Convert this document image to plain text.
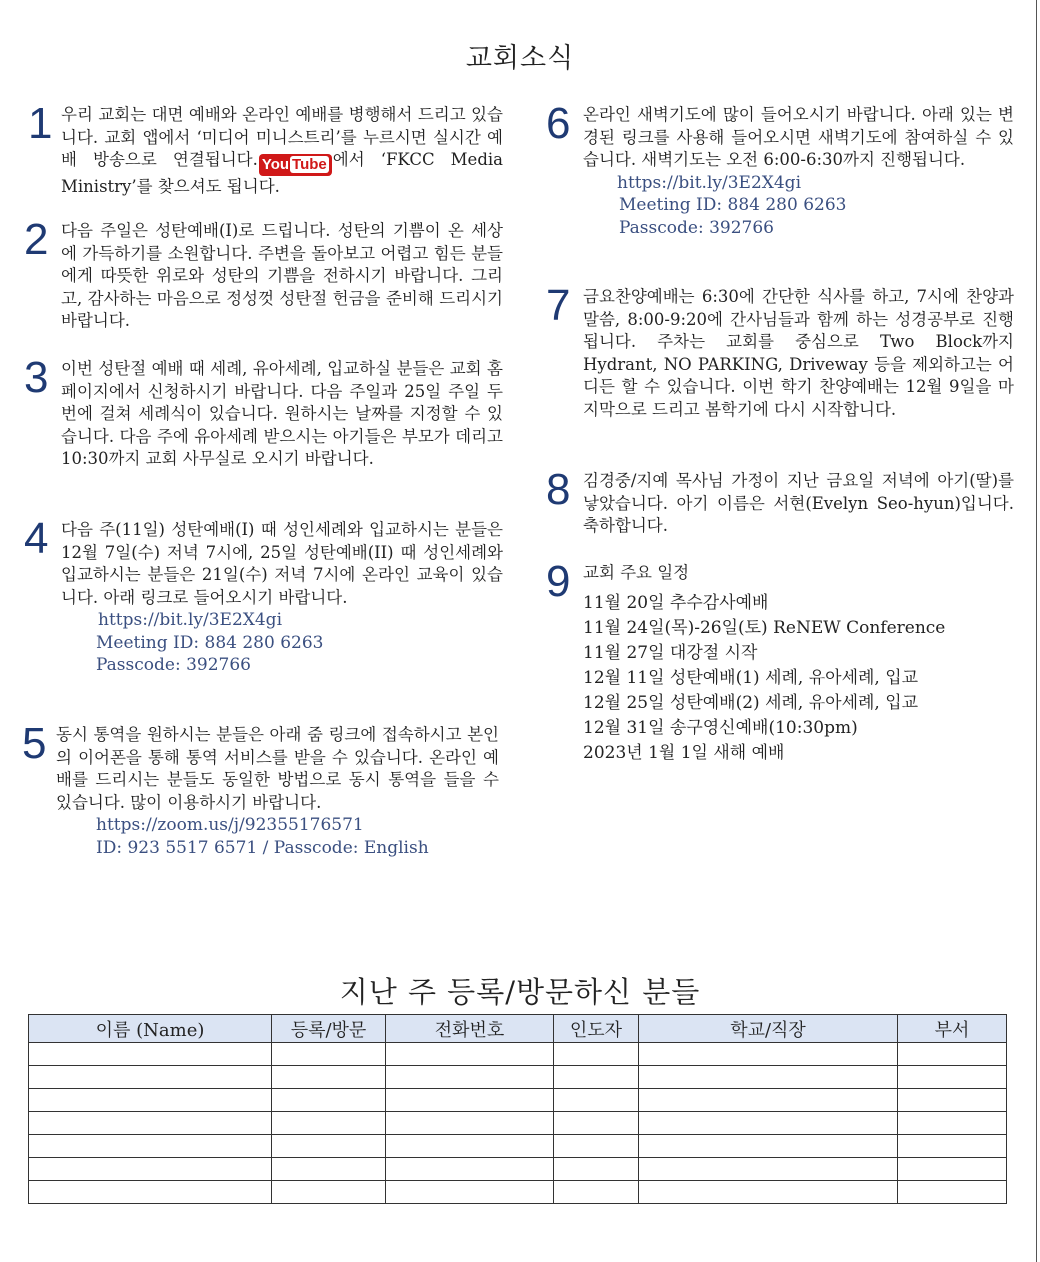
교회소식
1 우리 교회는 대면 예배와 온라인 예배를 병행해서 드리고 있습니다. 교회 앱에서 ‘미디어 미니스트리’를 누르시면 실시간 예배 방송으로 연결됩니다. You Tube 에서 ‘FKCC Media Ministry’를 찾으셔도 됩니다.
2 다음 주일은 성탄예배(I)로 드립니다. 성탄의 기쁨이 온 세상에 가득하기를 소원합니다. 주변을 돌아보고 어렵고 힘든 분들에게 따뜻한 위로와 성탄의 기쁨을 전하시기 바랍니다. 그리고, 감사하는 마음으로 정성껏 성탄절 헌금을 준비해 드리시기 바랍니다.
3 이번 성탄절 예배 때 세례, 유아세례, 입교하실 분들은 교회 홈페이지에서 신청하시기 바랍니다. 다음 주일과 25일 주일 두 번에 걸쳐 세례식이 있습니다. 원하시는 날짜를 지정할 수 있습니다. 다음 주에 유아세례 받으시는 아기들은 부모가 데리고 10:30까지 교회 사무실로 오시기 바랍니다.
4 다음 주(11일) 성탄예배(I) 때 성인세례와 입교하시는 분들은 12월 7일(수) 저녁 7시에, 25일 성탄예배(II) 때 성인세례와 입교하시는 분들은 21일(수) 저녁 7시에 온라인 교육이 있습니다. 아래 링크로 들어오시기 바랍니다.
https://bit.ly/3E2X4gi
Meeting ID: 884 280 6263
Passcode: 392766
5 동시 통역을 원하시는 분들은 아래 줌 링크에 접속하시고 본인의 이어폰을 통해 통역 서비스를 받을 수 있습니다. 온라인 예배를 드리시는 분들도 동일한 방법으로 동시 통역을 들을 수 있습니다. 많이 이용하시기 바랍니다.
https://zoom.us/j/92355176571
ID: 923 5517 6571 / Passcode: English
6 온라인 새벽기도에 많이 들어오시기 바랍니다. 아래 있는 변경된 링크를 사용해 들어오시면 새벽기도에 참여하실 수 있습니다. 새벽기도는 오전 6:00-6:30까지 진행됩니다.
https://bit.ly/3E2X4gi
Meeting ID: 884 280 6263
Passcode: 392766
7 금요찬양예배는 6:30에 간단한 식사를 하고, 7시에 찬양과 말씀, 8:00-9:20에 간사님들과 함께 하는 성경공부로 진행됩니다. 주차는 교회를 중심으로 Two Block까지 Hydrant, NO PARKING, Driveway 등을 제외하고는 어디든 할 수 있습니다. 이번 학기 찬양예배는 12월 9일을 마지막으로 드리고 봄학기에 다시 시작합니다.
8 김경중/지예 목사님 가정이 지난 금요일 저녁에 아기(딸)를 낳았습니다. 아기 이름은 서현(Evelyn Seo-hyun)입니다. 축하합니다.
9 교회 주요 일정
11월 20일 추수감사예배
11월 24일(목)-26일(토) ReNEW Conference
11월 27일 대강절 시작
12월 11일 성탄예배(1) 세례, 유아세례, 입교
12월 25일 성탄예배(2) 세례, 유아세례, 입교
12월 31일 송구영신예배(10:30pm)
2023년 1월 1일 새해 예배
지난 주 등록/방문하신 분들
이름 (Name)	등록/방문	전화번호	인도자	학교/직장	부서
